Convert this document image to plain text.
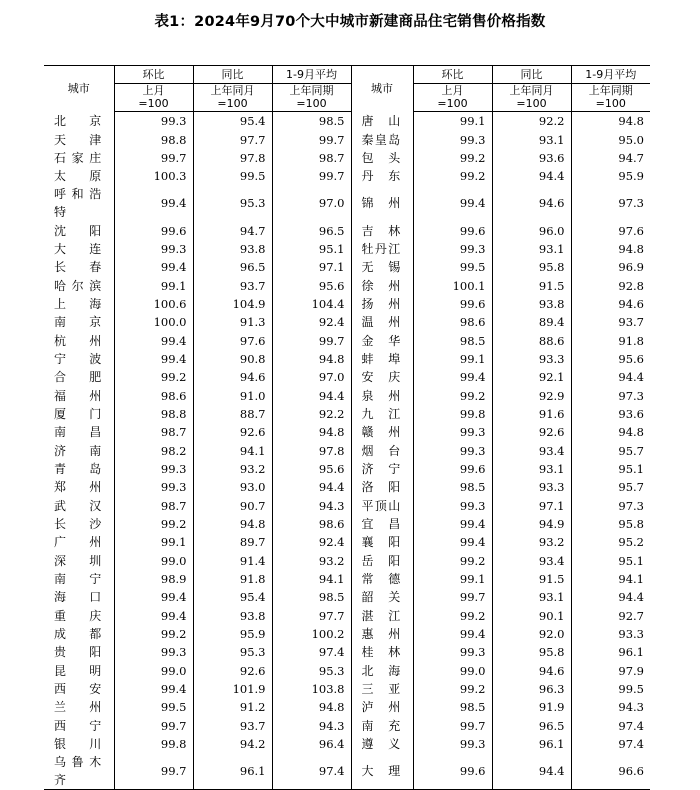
表1：2024年9月70个大中城市新建商品住宅销售价格指数
城市	环比	同比	1-9月平均	城市	环比	同比	1-9月平均
	上月	上年同月	上年同期		上月	上年同月	上年同期
	=100	=100	=100		=100	=100	=100
北京	99.3	95.4	98.5	唐山	99.1	92.2	94.8
天津	98.8	97.7	99.7	秦皇岛	99.3	93.1	95.0
石家庄	99.7	97.8	98.7	包头	99.2	93.6	94.7
太原	100.3	99.5	99.7	丹东	99.2	94.4	95.9
呼和浩特	99.4	95.3	97.0	锦州	99.4	94.6	97.3
沈阳	99.6	94.7	96.5	吉林	99.6	96.0	97.6
大连	99.3	93.8	95.1	牡丹江	99.3	93.1	94.8
长春	99.4	96.5	97.1	无锡	99.5	95.8	96.9
哈尔滨	99.1	93.7	95.6	徐州	100.1	91.5	92.8
上海	100.6	104.9	104.4	扬州	99.6	93.8	94.6
南京	100.0	91.3	92.4	温州	98.6	89.4	93.7
杭州	99.4	97.6	99.7	金华	98.5	88.6	91.8
宁波	99.4	90.8	94.8	蚌埠	99.1	93.3	95.6
合肥	99.2	94.6	97.0	安庆	99.4	92.1	94.4
福州	98.6	91.0	94.4	泉州	99.2	92.9	97.3
厦门	98.8	88.7	92.2	九江	99.8	91.6	93.6
南昌	98.7	92.6	94.8	赣州	99.3	92.6	94.8
济南	98.2	94.1	97.8	烟台	99.3	93.4	95.7
青岛	99.3	93.2	95.6	济宁	99.6	93.1	95.1
郑州	99.3	93.0	94.4	洛阳	98.5	93.3	95.7
武汉	98.7	90.7	94.3	平顶山	99.3	97.1	97.3
长沙	99.2	94.8	98.6	宜昌	99.4	94.9	95.8
广州	99.1	89.7	92.4	襄阳	99.4	93.2	95.2
深圳	99.0	91.4	93.2	岳阳	99.2	93.4	95.1
南宁	98.9	91.8	94.1	常德	99.1	91.5	94.1
海口	99.4	95.4	98.5	韶关	99.7	93.1	94.4
重庆	99.4	93.8	97.7	湛江	99.2	90.1	92.7
成都	99.2	95.9	100.2	惠州	99.4	92.0	93.3
贵阳	99.3	95.3	97.4	桂林	99.3	95.8	96.1
昆明	99.0	92.6	95.3	北海	99.0	94.6	97.9
西安	99.4	101.9	103.8	三亚	99.2	96.3	99.5
兰州	99.5	91.2	94.8	泸州	98.5	91.9	94.3
西宁	99.7	93.7	94.3	南充	99.7	96.5	97.4
银川	99.8	94.2	96.4	遵义	99.3	96.1	97.4
乌鲁木齐	99.7	96.1	97.4	大理	99.6	94.4	96.6
